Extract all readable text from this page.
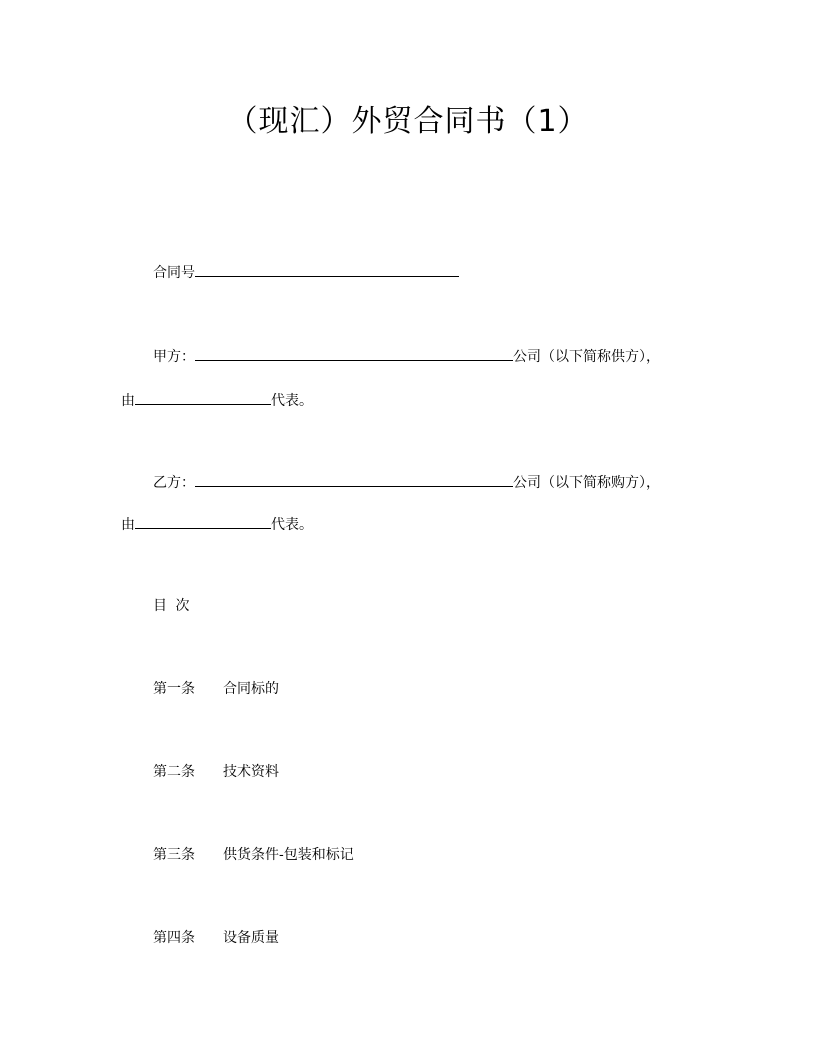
（现汇）外贸合同书（1）
合同号
甲方：	公司（以下简称供方），
由	代表。
乙方：	公司（以下简称购方），
由	代表。
目 次
第一条 合同标的
第二条 技术资料
第三条 供货条件-包装和标记
第四条 设备质量
